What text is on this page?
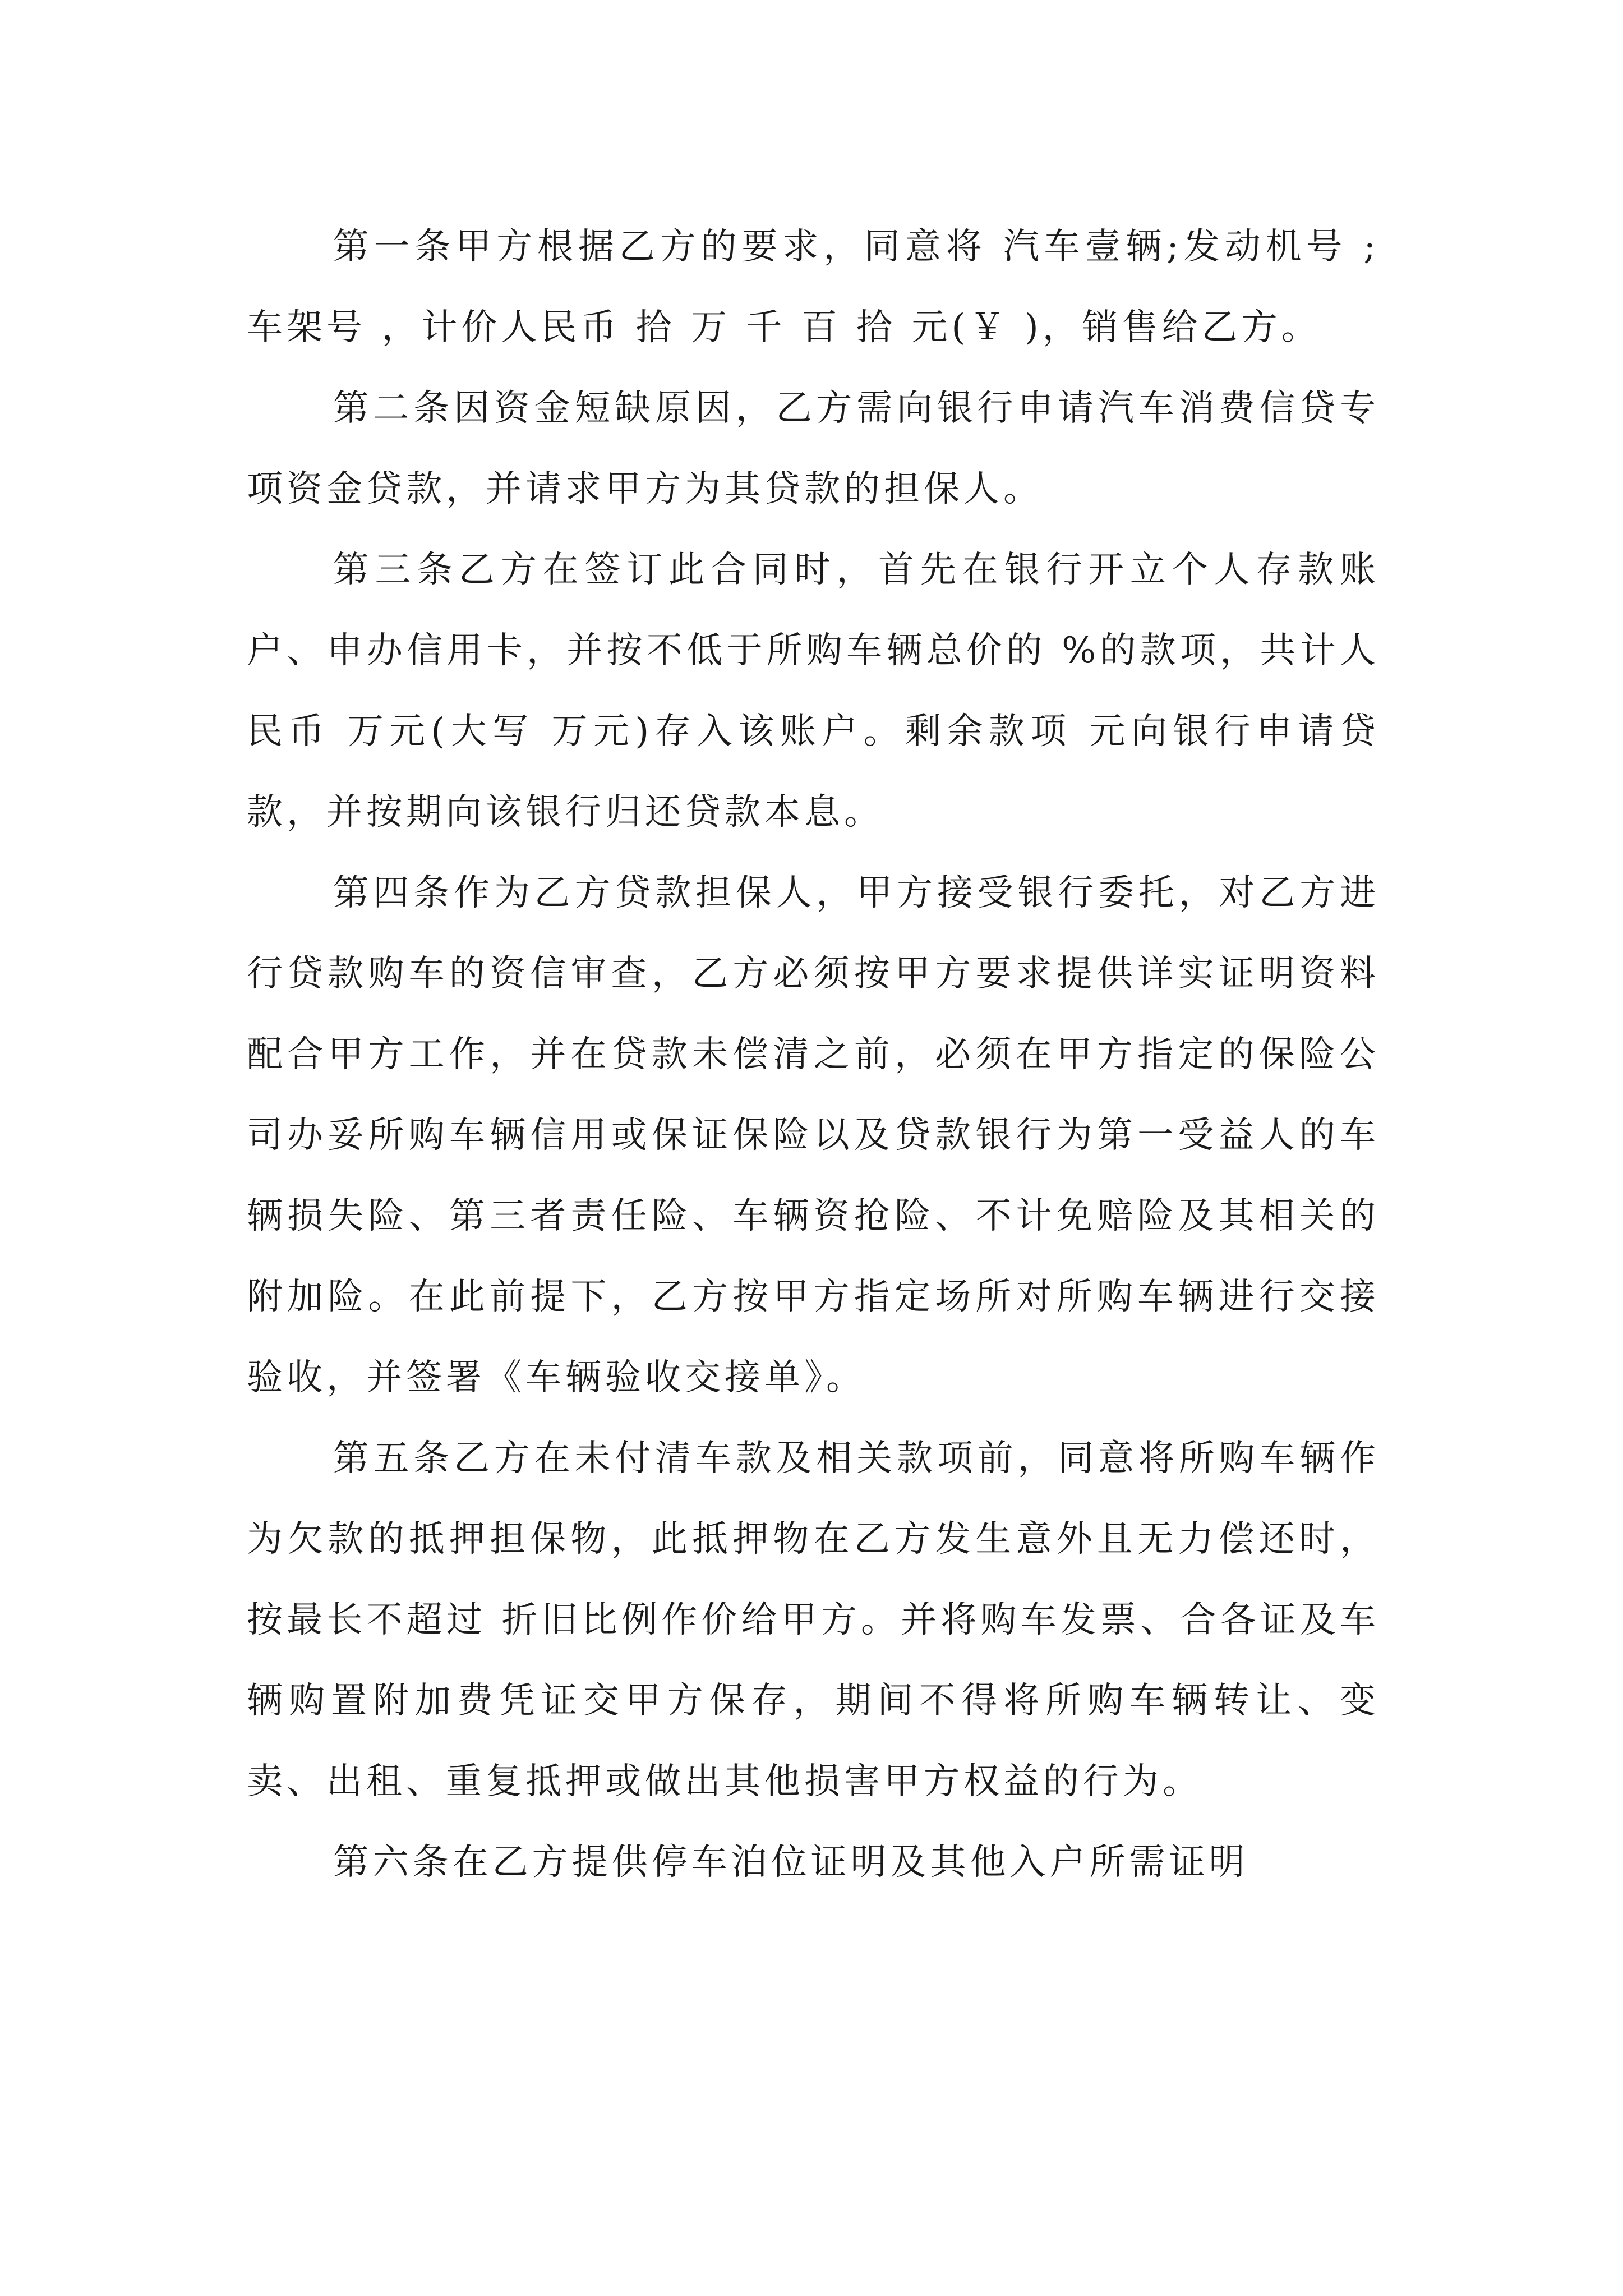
第一条甲方根据乙方的要求，同意将 汽车壹辆;发动机号 ;车架号 ，计价人民币 拾 万 千 百 拾 元(￥ )，销售给乙方。

第二条因资金短缺原因，乙方需向银行申请汽车消费信贷专项资金贷款，并请求甲方为其贷款的担保人。

第三条乙方在签订此合同时，首先在银行开立个人存款账户、申办信用卡，并按不低于所购车辆总价的 %的款项，共计人民币 万元(大写 万元)存入该账户。剩余款项 元向银行申请贷款，并按期向该银行归还贷款本息。

第四条作为乙方贷款担保人，甲方接受银行委托，对乙方进行贷款购车的资信审查，乙方必须按甲方要求提供详实证明资料配合甲方工作，并在贷款未偿清之前，必须在甲方指定的保险公司办妥所购车辆信用或保证保险以及贷款银行为第一受益人的车辆损失险、第三者责任险、车辆资抢险、不计免赔险及其相关的附加险。在此前提下，乙方按甲方指定场所对所购车辆进行交接验收，并签署《车辆验收交接单》。

第五条乙方在未付清车款及相关款项前，同意将所购车辆作为欠款的抵押担保物，此抵押物在乙方发生意外且无力偿还时，按最长不超过 折旧比例作价给甲方。并将购车发票、合各证及车辆购置附加费凭证交甲方保存，期间不得将所购车辆转让、变卖、出租、重复抵押或做出其他损害甲方权益的行为。

第六条在乙方提供停车泊位证明及其他入户所需证明
